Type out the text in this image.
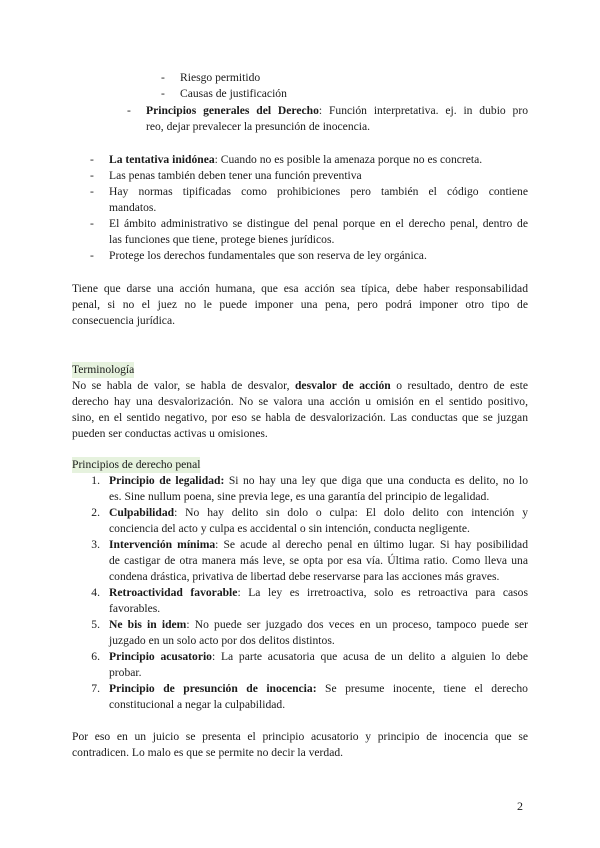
- Riesgo permitido
- Causas de justificación
- Principios generales del Derecho: Función interpretativa. ej. in dubio pro
reo, dejar prevalecer la presunción de inocencia.
- La tentativa inidónea: Cuando no es posible la amenaza porque no es concreta.
- Las penas también deben tener una función preventiva
- Hay normas tipificadas como prohibiciones pero también el código contiene
mandatos.
- El ámbito administrativo se distingue del penal porque en el derecho penal, dentro de
las funciones que tiene, protege bienes jurídicos.
- Protege los derechos fundamentales que son reserva de ley orgánica.
Tiene que darse una acción humana, que esa acción sea típica, debe haber responsabilidad
penal, si no el juez no le puede imponer una pena, pero podrá imponer otro tipo de
consecuencia jurídica.
Terminología
No se habla de valor, se habla de desvalor, desvalor de acción o resultado, dentro de este
derecho hay una desvalorización. No se valora una acción u omisión en el sentido positivo,
sino, en el sentido negativo, por eso se habla de desvalorización. Las conductas que se juzgan
pueden ser conductas activas u omisiones.
Principios de derecho penal
1. Principio de legalidad: Si no hay una ley que diga que una conducta es delito, no lo
es. Sine nullum poena, sine previa lege, es una garantía del principio de legalidad.
2. Culpabilidad: No hay delito sin dolo o culpa: El dolo delito con intención y
conciencia del acto y culpa es accidental o sin intención, conducta negligente.
3. Intervención mínima: Se acude al derecho penal en último lugar. Si hay posibilidad
de castigar de otra manera más leve, se opta por esa vía. Última ratio. Como lleva una
condena drástica, privativa de libertad debe reservarse para las acciones más graves.
4. Retroactividad favorable: La ley es irretroactiva, solo es retroactiva para casos
favorables.
5. Ne bis in idem: No puede ser juzgado dos veces en un proceso, tampoco puede ser
juzgado en un solo acto por dos delitos distintos.
6. Principio acusatorio: La parte acusatoria que acusa de un delito a alguien lo debe
probar.
7. Principio de presunción de inocencia: Se presume inocente, tiene el derecho
constitucional a negar la culpabilidad.
Por eso en un juicio se presenta el principio acusatorio y principio de inocencia que se
contradicen. Lo malo es que se permite no decir la verdad.
2
